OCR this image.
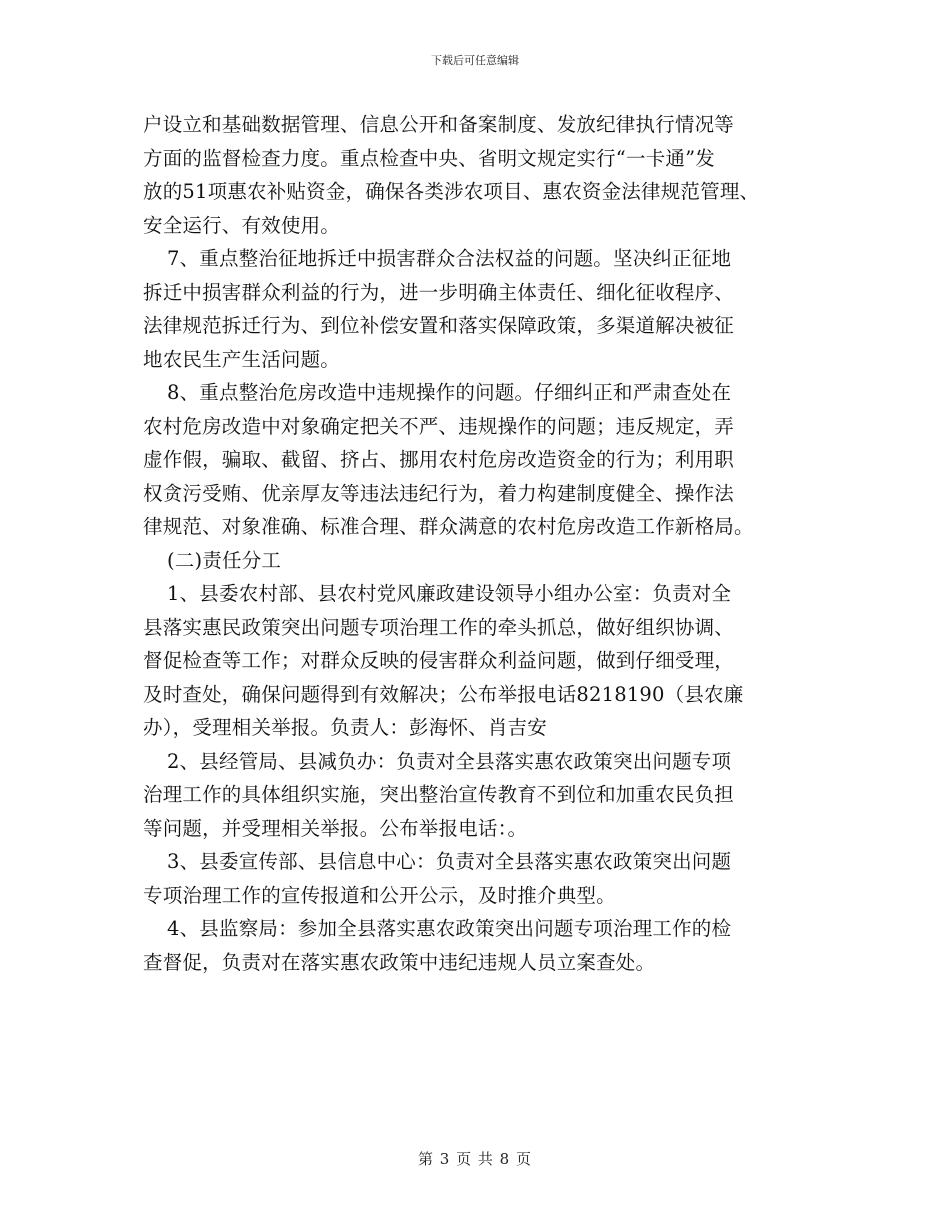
下载后可任意编辑
户设立和基础数据管理、信息公开和备案制度、发放纪律执行情况等
方面的监督检查力度。重点检查中央、省明文规定实行“一卡通”发
放的51项惠农补贴资金，确保各类涉农项目、惠农资金法律规范管理、
安全运行、有效使用。
7、重点整治征地拆迁中损害群众合法权益的问题。坚决纠正征地
拆迁中损害群众利益的行为，进一步明确主体责任、细化征收程序、
法律规范拆迁行为、到位补偿安置和落实保障政策，多渠道解决被征
地农民生产生活问题。
8、重点整治危房改造中违规操作的问题。仔细纠正和严肃查处在
农村危房改造中对象确定把关不严、违规操作的问题；违反规定，弄
虚作假，骗取、截留、挤占、挪用农村危房改造资金的行为；利用职
权贪污受贿、优亲厚友等违法违纪行为，着力构建制度健全、操作法
律规范、对象准确、标准合理、群众满意的农村危房改造工作新格局。
(二)责任分工
1、县委农村部、县农村党风廉政建设领导小组办公室：负责对全
县落实惠民政策突出问题专项治理工作的牵头抓总，做好组织协调、
督促检查等工作；对群众反映的侵害群众利益问题，做到仔细受理，
及时查处，确保问题得到有效解决；公布举报电话8218190（县农廉
办），受理相关举报。负责人：彭海怀、肖吉安
2、县经管局、县减负办：负责对全县落实惠农政策突出问题专项
治理工作的具体组织实施，突出整治宣传教育不到位和加重农民负担
等问题，并受理相关举报。公布举报电话：。
3、县委宣传部、县信息中心：负责对全县落实惠农政策突出问题
专项治理工作的宣传报道和公开公示，及时推介典型。
4、县监察局：参加全县落实惠农政策突出问题专项治理工作的检
查督促，负责对在落实惠农政策中违纪违规人员立案查处。
第 3 页 共 8 页
